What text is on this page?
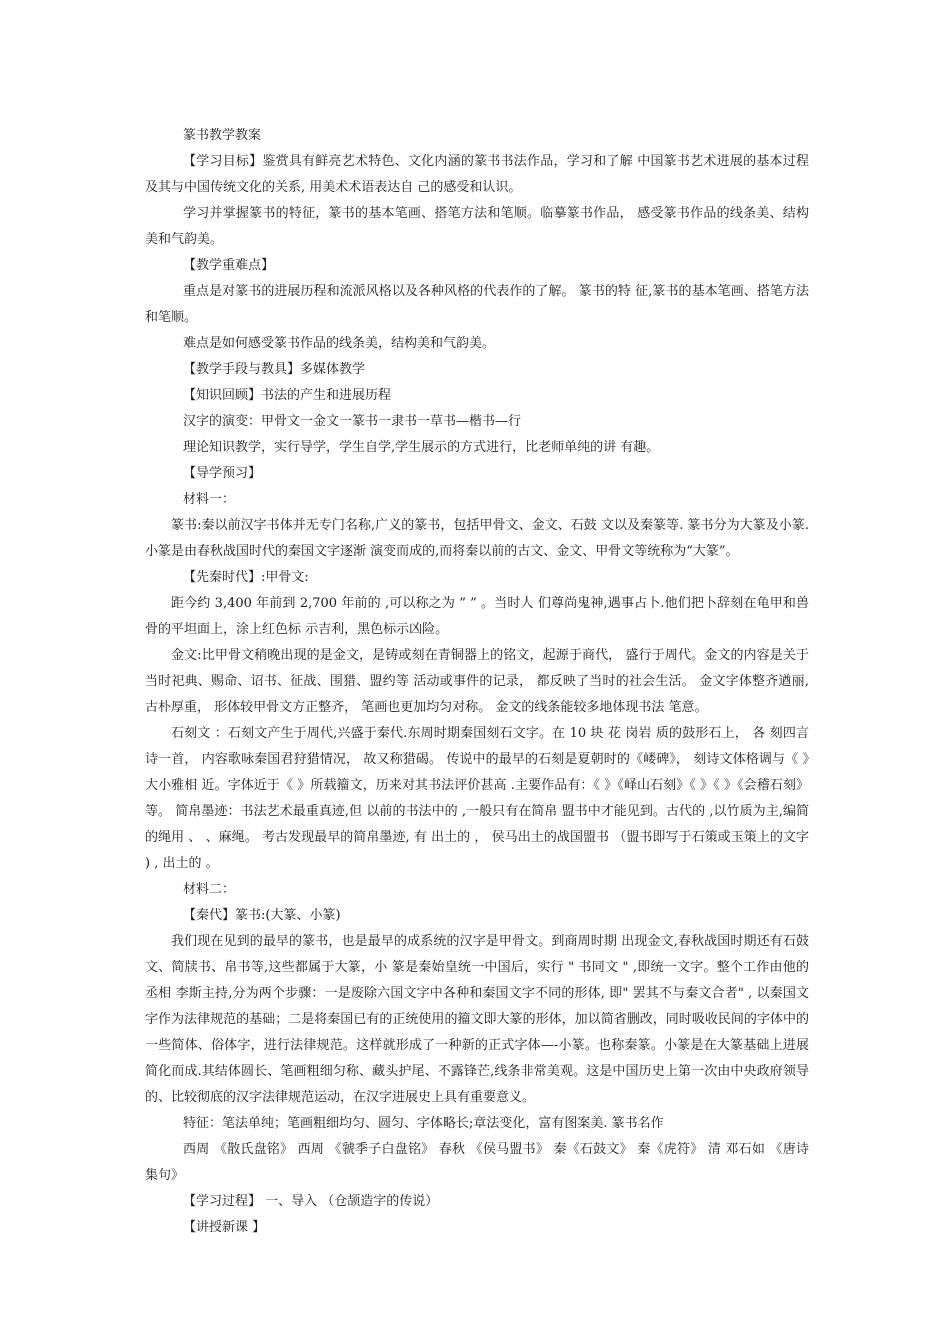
篆书教学教案

【学习目标】鉴赏具有鲜亮艺术特色、文化内涵的篆书书法作品，学习和了解 中国篆书艺术进展的基本过程及其与中国传统文化的关系, 用美术术语表达自 己的感受和认识。

学习并掌握篆书的特征，篆书的基本笔画、搭笔方法和笔顺。临摹篆书作品， 感受篆书作品的线条美、结构美和气韵美。

【教学重难点】

重点是对篆书的进展历程和流派风格以及各种风格的代表作的了解。 篆书的特 征,篆书的基本笔画、搭笔方法和笔顺。

难点是如何感受篆书作品的线条美，结构美和气韵美。

【教学手段与教具】多媒体教学

【知识回顾】书法的产生和进展历程

汉字的演变：甲骨文一金文一篆书一隶书一草书—楷书—行

理论知识教学，实行导学，学生自学,学生展示的方式进行，比老师单纯的讲 有趣。

【导学预习】

材料一：

篆书:秦以前汉字书体并无专门名称,广义的篆书，包括甲骨文、金文、石鼓 文以及秦篆等. 篆书分为大篆及小篆. 小篆是由春秋战国时代的秦国文字逐渐 演变而成的,而将秦以前的古文、金文、甲骨文等统称为“大篆”。

【先秦时代】:甲骨文:

距今约 3,400 年前到 2,700 年前的 ,可以称之为 ” ” 。当时人 们尊尚鬼神,遇事占卜.他们把卜辞刻在龟甲和兽骨的平坦面上，涂上红色标 示吉利，黑色标示凶险。

金文:比甲骨文稍晚出现的是金文，是铸或刻在青铜器上的铭文，起源于商代， 盛行于周代。金文的内容是关于当时祀典、赐命、诏书、征战、围猎、盟约等 活动或事件的记录， 都反映了当时的社会生活。 金文字体整齐遒丽, 古朴厚重， 形体较甲骨文方正整齐， 笔画也更加均匀对称。 金文的线条能较多地体现书法 笔意。

石刻文 ：石刻文产生于周代,兴盛于秦代.东周时期秦国刻石文字。在 10 块 花 岗岩 质的鼓形石上， 各 刻四言诗一首， 内容歌咏秦国君狩猎情况， 故又称猎碣。 传说中的最早的石刻是夏朝时的《嵝碑》， 刻诗文体格调与《 》大小雅相 近。字体近于《 》所载籀文，历来对其书法评价甚高 .主要作品有：《 》《峄山石刻》《 》《 》《会稽石刻》等。 简帛墨迹：书法艺术最重真迹,但 以前的书法中的 ,一般只有在简帛 盟书中才能见到。古代的 ,以竹质为主,编简的绳用 、 、麻绳。 考古发现最早的简帛墨迹, 有 出土的 ， 侯马出土的战国盟书 （盟书即写于石策或玉策上的文字 ) , 出土的 。

材料二：

【秦代】篆书:(大篆、小篆)

我们现在见到的最早的篆书，也是最早的成系统的汉字是甲骨文。到商周时期 出现金文,春秋战国时期还有石鼓文、简牍书、帛书等,这些都属于大篆，小 篆是秦始皇统一中国后，实行 " 书同文 " ,即统一文字。整个工作由他的丞相 李斯主持,分为两个步骤：一是废除六国文字中各种和秦国文字不同的形体, 即" 罢其不与秦文合者" , 以秦国文字作为法律规范的基础；二是将秦国已有的正统使用的籀文即大篆的形体，加以简省删改，同时吸收民间的字体中的一些简体、俗体字，进行法律规范。这样就形成了一种新的正式字体—-小篆。也称秦篆。小篆是在大篆基础上进展简化而成.其结体圆长、笔画粗细匀称、藏头护尾、不露锋芒,线条非常美观。这是中国历史上第一次由中央政府领导的、比较彻底的汉字法律规范运动，在汉字进展史上具有重要意义。

特征：笔法单纯；笔画粗细均匀、圆匀、字体略长;章法变化，富有图案美. 篆书名作

西周 《散氏盘铭》 西周 《虢季子白盘铭》 春秋 《侯马盟书》 秦《石鼓文》 秦《虎符》 清 邓石如 《唐诗集句》

【学习过程】 一、导入 （仓颉造字的传说）

【讲授新课 】
